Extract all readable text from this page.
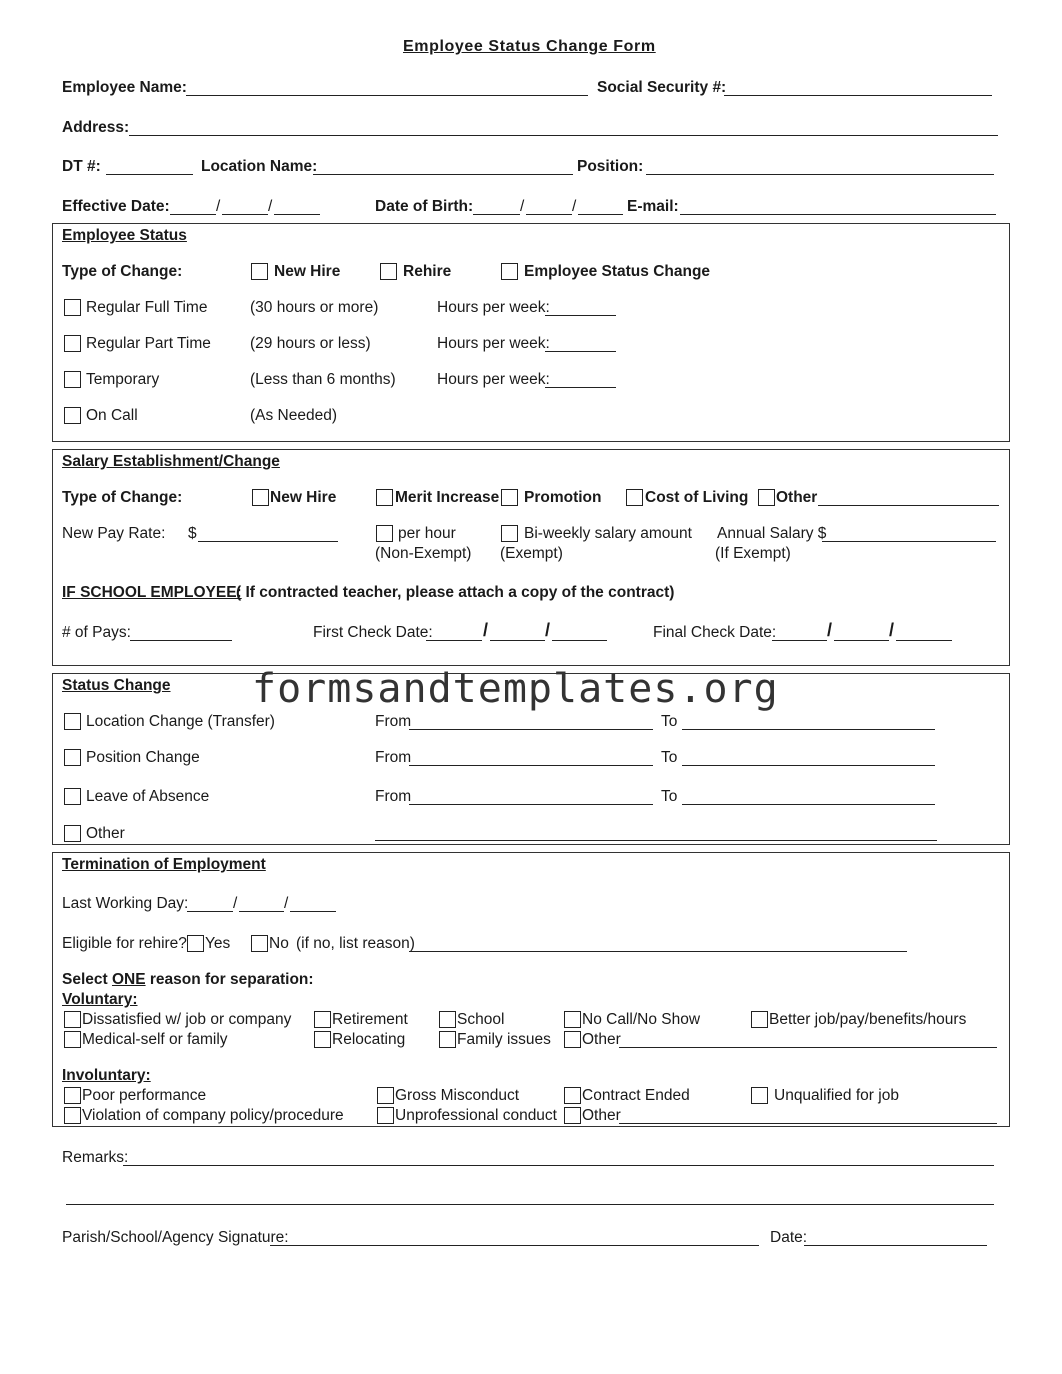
Employee Status Change Form
Employee Name:	Social Security #:
Address:
DT #:	Location Name:	Position:
Effective Date:	/	/	Date of Birth:	/	/	E-mail:
Employee Status
Type of Change:	New Hire	Rehire	Employee Status Change
Regular Full Time	(30 hours or more)	Hours per week:
Regular Part Time	(29 hours or less)	Hours per week:
Temporary	(Less than 6 months)	Hours per week:
On Call	(As Needed)
Salary Establishment/Change
Type of Change:	New Hire	Merit Increase Promotion	Cost of Living Other
New Pay Rate: $	per hour
(Non-Exempt)
Bi-weekly salary amount
(Exempt)
Annual Salary $
(If Exempt)
IF SCHOOL EMPLOYEE:
( If contracted teacher, please attach a copy of the contract)
# of Pays:	First Check Date:	/	/	Final Check Date:	/	/
Status Change formsandtemplates.org
Location Change (Transfer)	From	To
Position Change	From	To
Leave of Absence	From	To
Other
Termination of Employment
Last Working Day:	/	/
Eligible for rehire? Yes No (if no, list reason)
Select ONE reason for separation:
Voluntary:
Dissatisfied w/ job or company	Retirement	School	No Call/No Show	Better job/pay/benefits/hours
Medical-self or family	Relocating	Family issues Other
Involuntary:
Poor performance	Gross Misconduct	Contract Ended	Unqualified for job
Violation of company policy/procedure	Unprofessional conduct Other
Remarks:
Parish/School/Agency Signature:	Date:
